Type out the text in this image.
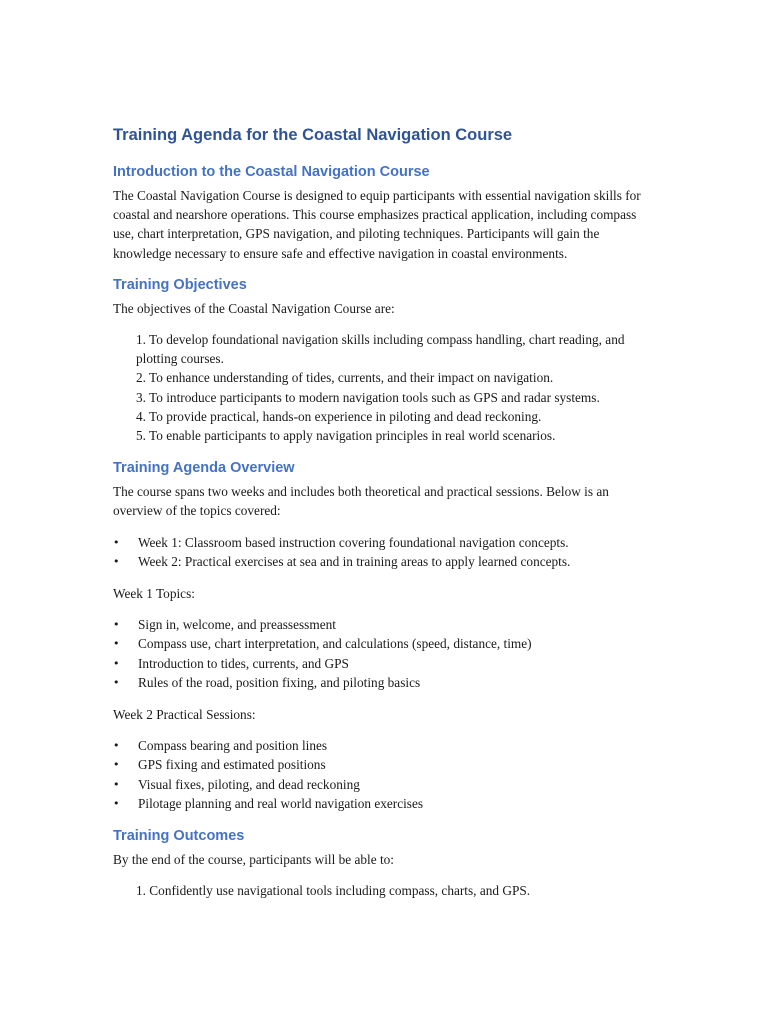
Training Agenda for the Coastal Navigation Course
Introduction to the Coastal Navigation Course

The Coastal Navigation Course is designed to equip participants with essential navigation skills for coastal and nearshore operations. This course emphasizes practical application, including compass use, chart interpretation, GPS navigation, and piloting techniques. Participants will gain the knowledge necessary to ensure safe and effective navigation in coastal environments.

Training Objectives

The objectives of the Coastal Navigation Course are:

1. To develop foundational navigation skills including compass handling, chart reading, and plotting courses.
2. To enhance understanding of tides, currents, and their impact on navigation.
3. To introduce participants to modern navigation tools such as GPS and radar systems.
4. To provide practical, hands-on experience in piloting and dead reckoning.
5. To enable participants to apply navigation principles in real world scenarios.
Training Agenda Overview

The course spans two weeks and includes both theoretical and practical sessions. Below is an overview of the topics covered:

• Week 1: Classroom based instruction covering foundational navigation concepts.
• Week 2: Practical exercises at sea and in training areas to apply learned concepts.

Week 1 Topics:

• Sign in, welcome, and preassessment
• Compass use, chart interpretation, and calculations (speed, distance, time)
• Introduction to tides, currents, and GPS
• Rules of the road, position fixing, and piloting basics

Week 2 Practical Sessions:

• Compass bearing and position lines
• GPS fixing and estimated positions
• Visual fixes, piloting, and dead reckoning
• Pilotage planning and real world navigation exercises
Training Outcomes

By the end of the course, participants will be able to:

1. Confidently use navigational tools including compass, charts, and GPS.
